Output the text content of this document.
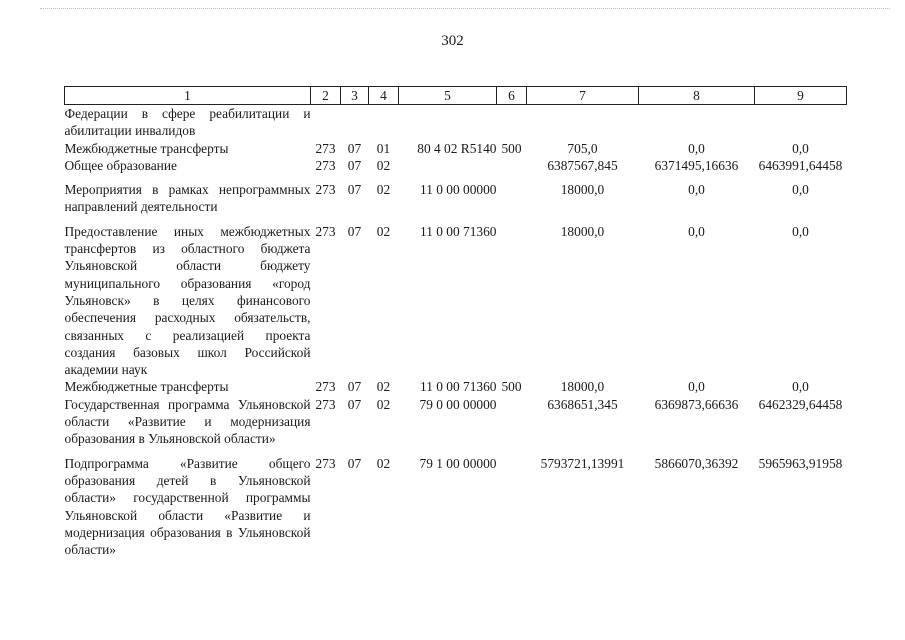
302
1	2	3	4	5	6	7	8	9
Федерации в сфере реабилитации и абилитации инвалидов								
Межбюджетные трансферты	273	07	01	80 4 02 R5140	500	705,0	0,0	0,0
Общее образование	273	07	02			6387567,845	6371495,16636	6463991,64458
Мероприятия в рамках непрограммных направлений деятельности	273	07	02	11 0 00 00000		18000,0	0,0	0,0
Предоставление иных межбюджетных трансфертов из областного бюджета Ульяновской области бюджету муниципального образования «город Ульяновск» в целях финансового обеспечения расходных обязательств, связанных с реализацией проекта создания базовых школ Российской академии наук	273	07	02	11 0 00 71360		18000,0	0,0	0,0
Межбюджетные трансферты	273	07	02	11 0 00 71360	500	18000,0	0,0	0,0
Государственная программа Ульяновской области «Развитие и модернизация образования в Ульяновской области»	273	07	02	79 0 00 00000		6368651,345	6369873,66636	6462329,64458
Подпрограмма «Развитие общего образования детей в Ульяновской области» государственной программы Ульяновской области «Развитие и модернизация образования в Ульяновской области»	273	07	02	79 1 00 00000		5793721,13991	5866070,36392	5965963,91958
